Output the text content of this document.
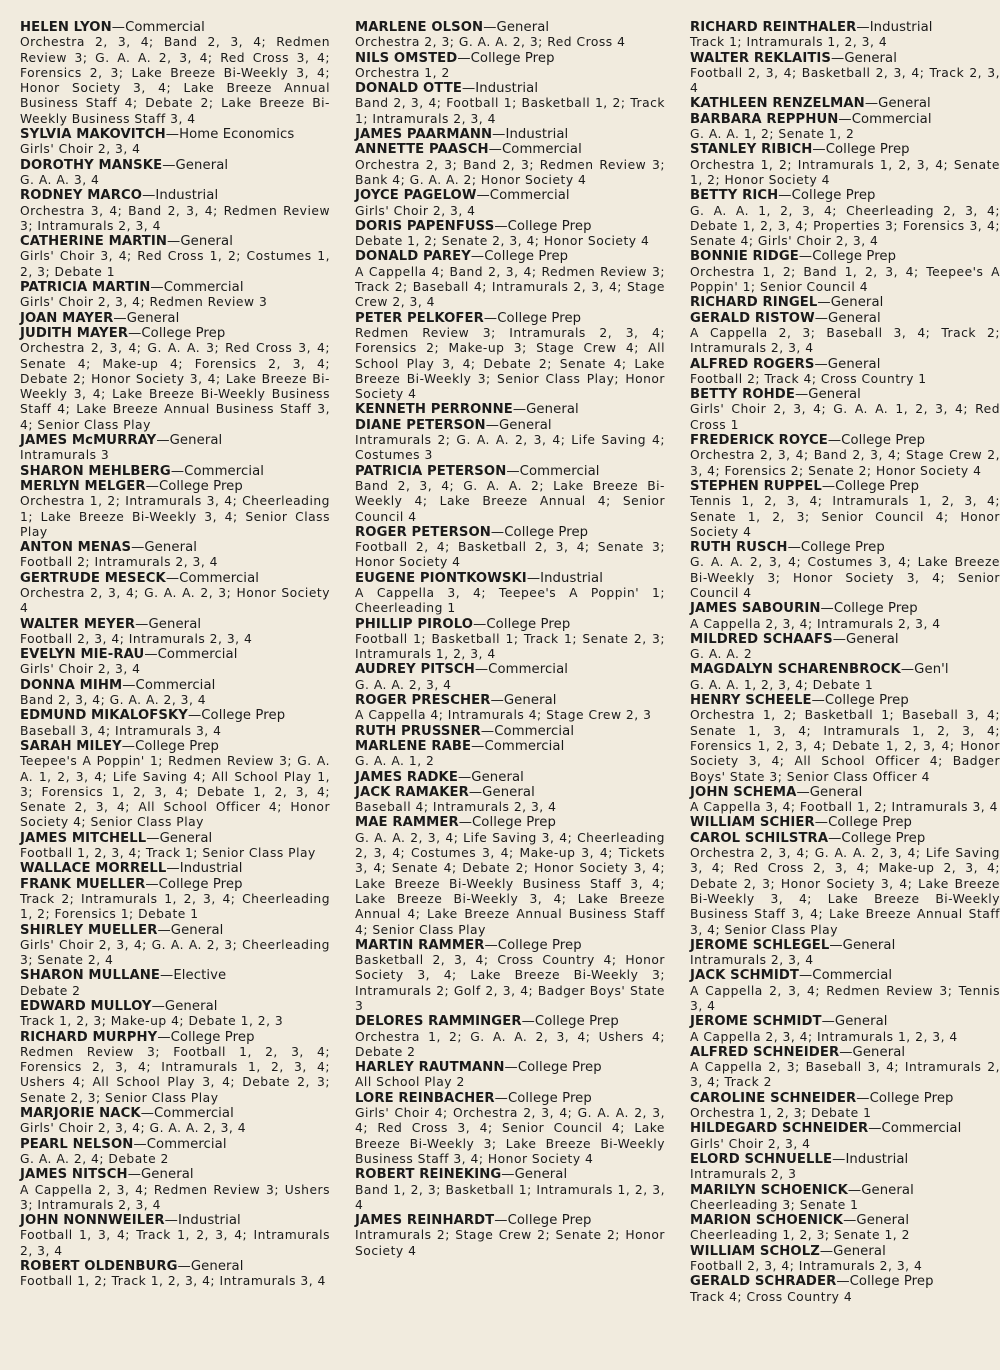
HELEN LYON—Commercial
Orchestra 2, 3, 4; Band 2, 3, 4; Redmen Review 3; G. A. A. 2, 3, 4; Red Cross 3, 4; Forensics 2, 3; Lake Breeze Bi-Weekly 3, 4; Honor Society 3, 4; Lake Breeze Annual Business Staff 4; Debate 2; Lake Breeze Bi-Weekly Business Staff 3, 4
SYLVIA MAKOVITCH—Home Economics
Girls' Choir 2, 3, 4
DOROTHY MANSKE—General
G. A. A. 3, 4
RODNEY MARCO—Industrial
Orchestra 3, 4; Band 2, 3, 4; Redmen Review 3; Intramurals 2, 3, 4
CATHERINE MARTIN—General
Girls' Choir 3, 4; Red Cross 1, 2; Costumes 1, 2, 3; Debate 1
PATRICIA MARTIN—Commercial
Girls' Choir 2, 3, 4; Redmen Review 3
JOAN MAYER—General
JUDITH MAYER—College Prep
Orchestra 2, 3, 4; G. A. A. 3; Red Cross 3, 4; Senate 4; Make-up 4; Forensics 2, 3, 4; Debate 2; Honor Society 3, 4; Lake Breeze Bi-Weekly 3, 4; Lake Breeze Bi-Weekly Business Staff 4; Lake Breeze Annual Business Staff 3, 4; Senior Class Play
JAMES McMURRAY—General
Intramurals 3
SHARON MEHLBERG—Commercial
MERLYN MELGER—College Prep
Orchestra 1, 2; Intramurals 3, 4; Cheerleading 1; Lake Breeze Bi-Weekly 3, 4; Senior Class Play
ANTON MENAS—General
Football 2; Intramurals 2, 3, 4
GERTRUDE MESECK—Commercial
Orchestra 2, 3, 4; G. A. A. 2, 3; Honor Society 4
WALTER MEYER—General
Football 2, 3, 4; Intramurals 2, 3, 4
EVELYN MIE-RAU—Commercial
Girls' Choir 2, 3, 4
DONNA MIHM—Commercial
Band 2, 3, 4; G. A. A. 2, 3, 4
EDMUND MIKALOFSKY—College Prep
Baseball 3, 4; Intramurals 3, 4
SARAH MILEY—College Prep
Teepee's A Poppin' 1; Redmen Review 3; G. A. A. 1, 2, 3, 4; Life Saving 4; All School Play 1, 3; Forensics 1, 2, 3, 4; Debate 1, 2, 3, 4; Senate 2, 3, 4; All School Officer 4; Honor Society 4; Senior Class Play
JAMES MITCHELL—General
Football 1, 2, 3, 4; Track 1; Senior Class Play
WALLACE MORRELL—Industrial
FRANK MUELLER—College Prep
Track 2; Intramurals 1, 2, 3, 4; Cheerleading 1, 2; Forensics 1; Debate 1
SHIRLEY MUELLER—General
Girls' Choir 2, 3, 4; G. A. A. 2, 3; Cheerleading 3; Senate 2, 4
SHARON MULLANE—Elective
Debate 2
EDWARD MULLOY—General
Track 1, 2, 3; Make-up 4; Debate 1, 2, 3
RICHARD MURPHY—College Prep
Redmen Review 3; Football 1, 2, 3, 4; Forensics 2, 3, 4; Intramurals 1, 2, 3, 4; Ushers 4; All School Play 3, 4; Debate 2, 3; Senate 2, 3; Senior Class Play
MARJORIE NACK—Commercial
Girls' Choir 2, 3, 4; G. A. A. 2, 3, 4
PEARL NELSON—Commercial
G. A. A. 2, 4; Debate 2
JAMES NITSCH—General
A Cappella 2, 3, 4; Redmen Review 3; Ushers 3; Intramurals 2, 3, 4
JOHN NONNWEILER—Industrial
Football 1, 3, 4; Track 1, 2, 3, 4; Intramurals 2, 3, 4
ROBERT OLDENBURG—General
Football 1, 2; Track 1, 2, 3, 4; Intramurals 3, 4
MARLENE OLSON—General
Orchestra 2, 3; G. A. A. 2, 3; Red Cross 4
NILS OMSTED—College Prep
Orchestra 1, 2
DONALD OTTE—Industrial
Band 2, 3, 4; Football 1; Basketball 1, 2; Track 1; Intramurals 2, 3, 4
JAMES PAARMANN—Industrial
ANNETTE PAASCH—Commercial
Orchestra 2, 3; Band 2, 3; Redmen Review 3; Bank 4; G. A. A. 2; Honor Society 4
JOYCE PAGELOW—Commercial
Girls' Choir 2, 3, 4
DORIS PAPENFUSS—College Prep
Debate 1, 2; Senate 2, 3, 4; Honor Society 4
DONALD PAREY—College Prep
A Cappella 4; Band 2, 3, 4; Redmen Review 3; Track 2; Baseball 4; Intramurals 2, 3, 4; Stage Crew 2, 3, 4
PETER PELKOFER—College Prep
Redmen Review 3; Intramurals 2, 3, 4; Forensics 2; Make-up 3; Stage Crew 4; All School Play 3, 4; Debate 2; Senate 4; Lake Breeze Bi-Weekly 3; Senior Class Play; Honor Society 4
KENNETH PERRONNE—General
DIANE PETERSON—General
Intramurals 2; G. A. A. 2, 3, 4; Life Saving 4; Costumes 3
PATRICIA PETERSON—Commercial
Band 2, 3, 4; G. A. A. 2; Lake Breeze Bi-Weekly 4; Lake Breeze Annual 4; Senior Council 4
ROGER PETERSON—College Prep
Football 2, 4; Basketball 2, 3, 4; Senate 3; Honor Society 4
EUGENE PIONTKOWSKI—Industrial
A Cappella 3, 4; Teepee's A Poppin' 1; Cheerleading 1
PHILLIP PIROLO—College Prep
Football 1; Basketball 1; Track 1; Senate 2, 3; Intramurals 1, 2, 3, 4
AUDREY PITSCH—Commercial
G. A. A. 2, 3, 4
ROGER PRESCHER—General
A Cappella 4; Intramurals 4; Stage Crew 2, 3
RUTH PRUSSNER—Commercial
MARLENE RABE—Commercial
G. A. A. 1, 2
JAMES RADKE—General
JACK RAMAKER—General
Baseball 4; Intramurals 2, 3, 4
MAE RAMMER—College Prep
G. A. A. 2, 3, 4; Life Saving 3, 4; Cheerleading 2, 3, 4; Costumes 3, 4; Make-up 3, 4; Tickets 3, 4; Senate 4; Debate 2; Honor Society 3, 4; Lake Breeze Bi-Weekly Business Staff 3, 4; Lake Breeze Bi-Weekly 3, 4; Lake Breeze Annual 4; Lake Breeze Annual Business Staff 4; Senior Class Play
MARTIN RAMMER—College Prep
Basketball 2, 3, 4; Cross Country 4; Honor Society 3, 4; Lake Breeze Bi-Weekly 3; Intramurals 2; Golf 2, 3, 4; Badger Boys' State 3
DELORES RAMMINGER—College Prep
Orchestra 1, 2; G. A. A. 2, 3, 4; Ushers 4; Debate 2
HARLEY RAUTMANN—College Prep
All School Play 2
LORE REINBACHER—College Prep
Girls' Choir 4; Orchestra 2, 3, 4; G. A. A. 2, 3, 4; Red Cross 3, 4; Senior Council 4; Lake Breeze Bi-Weekly 3; Lake Breeze Bi-Weekly Business Staff 3, 4; Honor Society 4
ROBERT REINEKING—General
Band 1, 2, 3; Basketball 1; Intramurals 1, 2, 3, 4
JAMES REINHARDT—College Prep
Intramurals 2; Stage Crew 2; Senate 2; Honor Society 4
RICHARD REINTHALER—Industrial
Track 1; Intramurals 1, 2, 3, 4
WALTER REKLAITIS—General
Football 2, 3, 4; Basketball 2, 3, 4; Track 2, 3, 4
KATHLEEN RENZELMAN—General
BARBARA REPPHUN—Commercial
G. A. A. 1, 2; Senate 1, 2
STANLEY RIBICH—College Prep
Orchestra 1, 2; Intramurals 1, 2, 3, 4; Senate 1, 2; Honor Society 4
BETTY RICH—College Prep
G. A. A. 1, 2, 3, 4; Cheerleading 2, 3, 4; Debate 1, 2, 3, 4; Properties 3; Forensics 3, 4; Senate 4; Girls' Choir 2, 3, 4
BONNIE RIDGE—College Prep
Orchestra 1, 2; Band 1, 2, 3, 4; Teepee's A Poppin' 1; Senior Council 4
RICHARD RINGEL—General
GERALD RISTOW—General
A Cappella 2, 3; Baseball 3, 4; Track 2; Intramurals 2, 3, 4
ALFRED ROGERS—General
Football 2; Track 4; Cross Country 1
BETTY ROHDE—General
Girls' Choir 2, 3, 4; G. A. A. 1, 2, 3, 4; Red Cross 1
FREDERICK ROYCE—College Prep
Orchestra 2, 3, 4; Band 2, 3, 4; Stage Crew 2, 3, 4; Forensics 2; Senate 2; Honor Society 4
STEPHEN RUPPEL—College Prep
Tennis 1, 2, 3, 4; Intramurals 1, 2, 3, 4; Senate 1, 2, 3; Senior Council 4; Honor Society 4
RUTH RUSCH—College Prep
G. A. A. 2, 3, 4; Costumes 3, 4; Lake Breeze Bi-Weekly 3; Honor Society 3, 4; Senior Council 4
JAMES SABOURIN—College Prep
A Cappella 2, 3, 4; Intramurals 2, 3, 4
MILDRED SCHAAFS—General
G. A. A. 2
MAGDALYN SCHARENBROCK—Gen'l
G. A. A. 1, 2, 3, 4; Debate 1
HENRY SCHEELE—College Prep
Orchestra 1, 2; Basketball 1; Baseball 3, 4; Senate 1, 3, 4; Intramurals 1, 2, 3, 4; Forensics 1, 2, 3, 4; Debate 1, 2, 3, 4; Honor Society 3, 4; All School Officer 4; Badger Boys' State 3; Senior Class Officer 4
JOHN SCHEMA—General
A Cappella 3, 4; Football 1, 2; Intramurals 3, 4
WILLIAM SCHIER—College Prep
CAROL SCHILSTRA—College Prep
Orchestra 2, 3, 4; G. A. A. 2, 3, 4; Life Saving 3, 4; Red Cross 2, 3, 4; Make-up 2, 3, 4; Debate 2, 3; Honor Society 3, 4; Lake Breeze Bi-Weekly 3, 4; Lake Breeze Bi-Weekly Business Staff 3, 4; Lake Breeze Annual Staff 3, 4; Senior Class Play
JEROME SCHLEGEL—General
Intramurals 2, 3, 4
JACK SCHMIDT—Commercial
A Cappella 2, 3, 4; Redmen Review 3; Tennis 3, 4
JEROME SCHMIDT—General
A Cappella 2, 3, 4; Intramurals 1, 2, 3, 4
ALFRED SCHNEIDER—General
A Cappella 2, 3; Baseball 3, 4; Intramurals 2, 3, 4; Track 2
CAROLINE SCHNEIDER—College Prep
Orchestra 1, 2, 3; Debate 1
HILDEGARD SCHNEIDER—Commercial
Girls' Choir 2, 3, 4
ELORD SCHNUELLE—Industrial
Intramurals 2, 3
MARILYN SCHOENICK—General
Cheerleading 3; Senate 1
MARION SCHOENICK—General
Cheerleading 1, 2, 3; Senate 1, 2
WILLIAM SCHOLZ—General
Football 2, 3, 4; Intramurals 2, 3, 4
GERALD SCHRADER—College Prep
Track 4; Cross Country 4
